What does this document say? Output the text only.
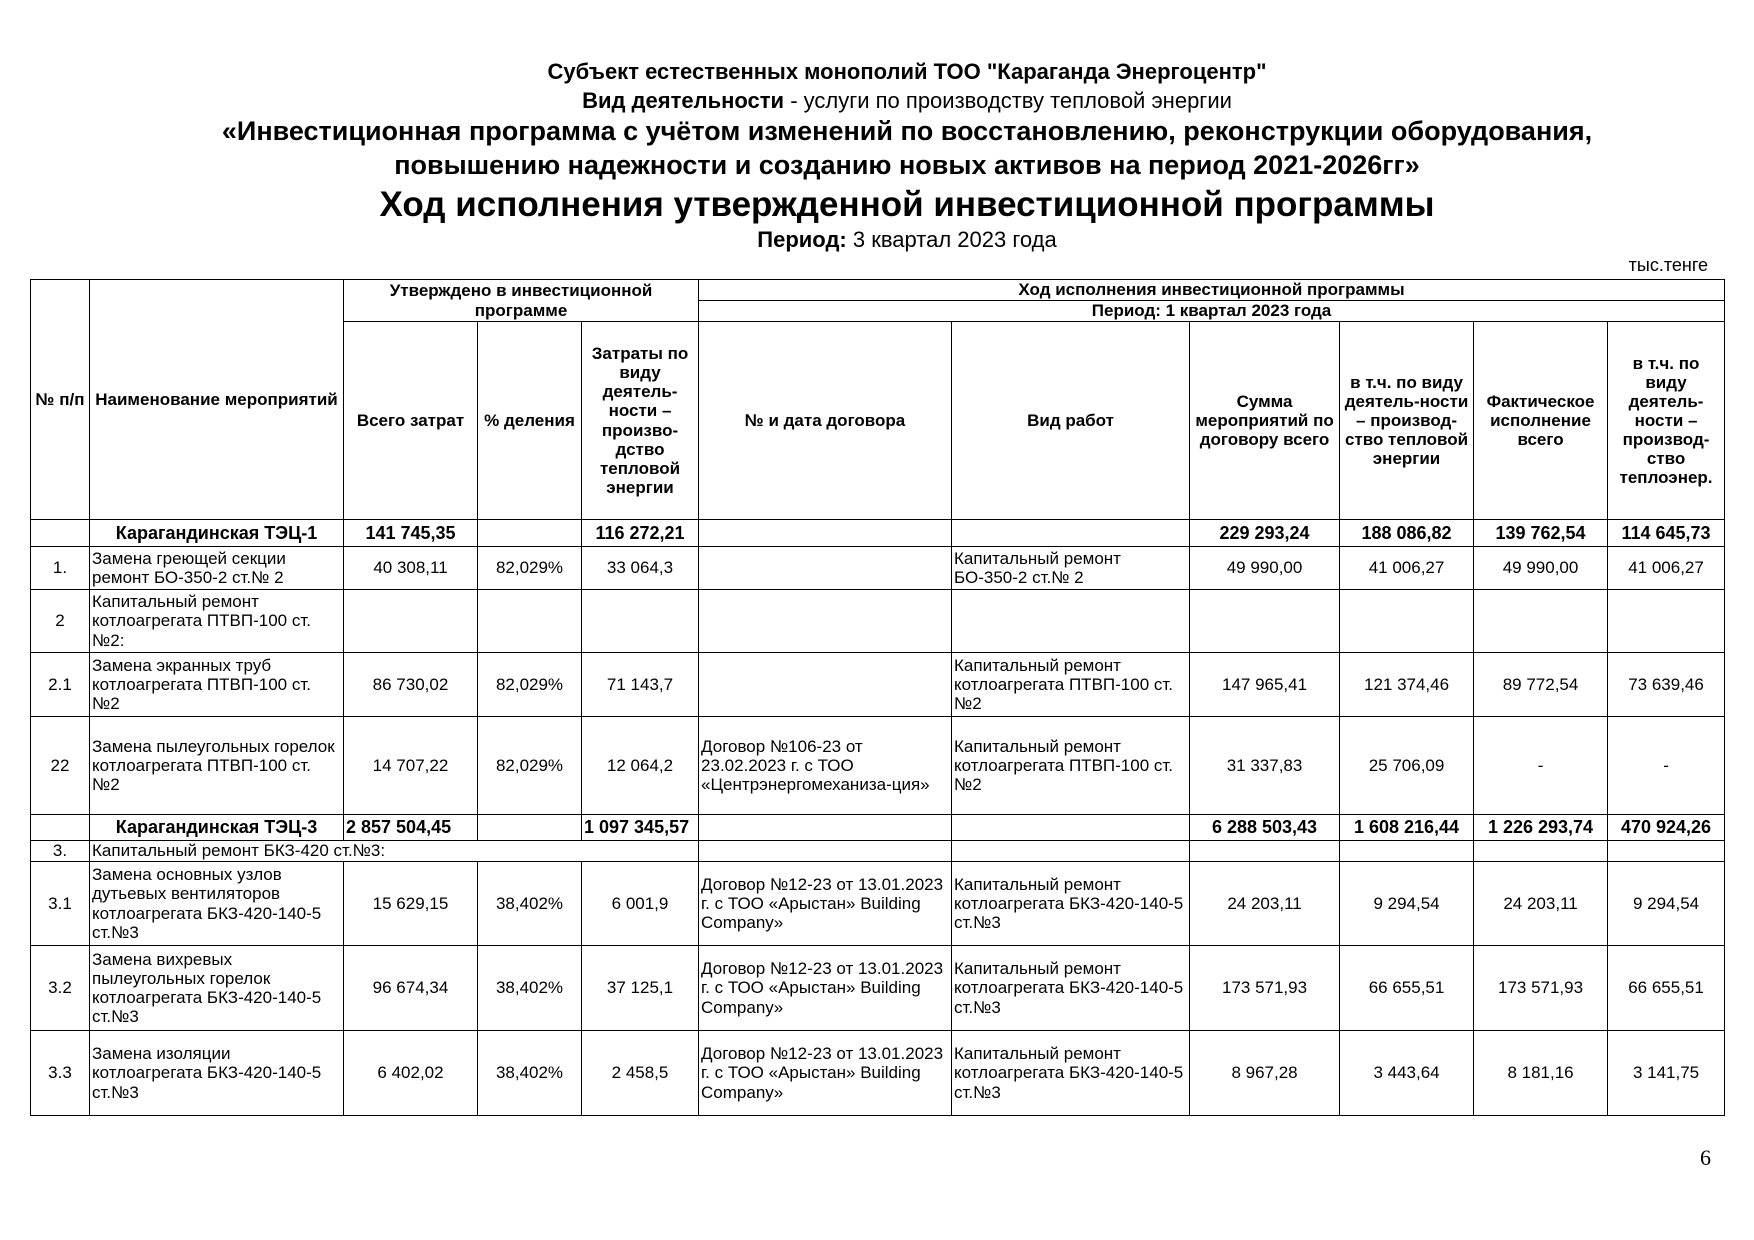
Субъект естественных монополий ТОО "Караганда Энергоцентр"
Вид деятельности - услуги по производству тепловой энергии
«Инвестиционная программа с учётом изменений по восстановлению, реконструкции оборудования,
повышению надежности и созданию новых активов на период 2021-2026гг»
Ход исполнения утвержденной инвестиционной программы
Период: 3 квартал 2023 года
тыс.тенге
№ п/п	Наименование мероприятий	Утверждено в инвестиционной программе			Ход исполнения инвестиционной программы					
					Период: 1 квартал 2023 года					
		Всего затрат	% деления	Затраты по виду деятель-ности – произво-дство тепловой энергии	№ и дата договора	Вид работ	Сумма мероприятий по договору всего	в т.ч. по виду деятель-ности – производ-ство тепловой энергии	Фактическое исполнение всего	в т.ч. по виду деятель-ности – производ-ство теплоэнер.
	Карагандинская ТЭЦ-1	141 745,35		116 272,21			229 293,24	188 086,82	139 762,54	114 645,73
1.	Замена греющей секции ремонт БО-350-2 ст.№ 2	40 308,11	82,029%	33 064,3		Капитальный ремонт БО-350-2 ст.№ 2	49 990,00	41 006,27	49 990,00	41 006,27
2	Капитальный ремонт котлоагрегата ПТВП-100 ст.№2:									
2.1	Замена экранных труб котлоагрегата ПТВП-100 ст. №2	86 730,02	82,029%	71 143,7		Капитальный ремонт котлоагрегата ПТВП-100 ст. №2	147 965,41	121 374,46	89 772,54	73 639,46
22	Замена пылеугольных горелок котлоагрегата ПТВП-100 ст. №2	14 707,22	82,029%	12 064,2	Договор №106-23 от 23.02.2023 г. с ТОО «Центрэнергомеханиза-ция»	Капитальный ремонт котлоагрегата ПТВП-100 ст. №2	31 337,83	25 706,09	-	-
	Карагандинская ТЭЦ-3	2 857 504,45		1 097 345,57			6 288 503,43	1 608 216,44	1 226 293,74	470 924,26
3.	Капитальный ремонт БКЗ-420 ст.№3:									
3.1	Замена основных узлов дутьевых вентиляторов котлоагрегата БКЗ-420-140-5 ст.№3	15 629,15	38,402%	6 001,9	Договор №12-23 от 13.01.2023 г. с ТОО «Арыстан» Building Company»	Капитальный ремонт котлоагрегата БКЗ-420-140-5 ст.№3	24 203,11	9 294,54	24 203,11	9 294,54
3.2	Замена вихревых пылеугольных горелок котлоагрегата БКЗ-420-140-5 ст.№3	96 674,34	38,402%	37 125,1	Договор №12-23 от 13.01.2023 г. с ТОО «Арыстан» Building Company»	Капитальный ремонт котлоагрегата БКЗ-420-140-5 ст.№3	173 571,93	66 655,51	173 571,93	66 655,51
3.3	Замена изоляции котлоагрегата БКЗ-420-140-5 ст.№3	6 402,02	38,402%	2 458,5	Договор №12-23 от 13.01.2023 г. с ТОО «Арыстан» Building Company»	Капитальный ремонт котлоагрегата БКЗ-420-140-5 ст.№3	8 967,28	3 443,64	8 181,16	3 141,75
6
